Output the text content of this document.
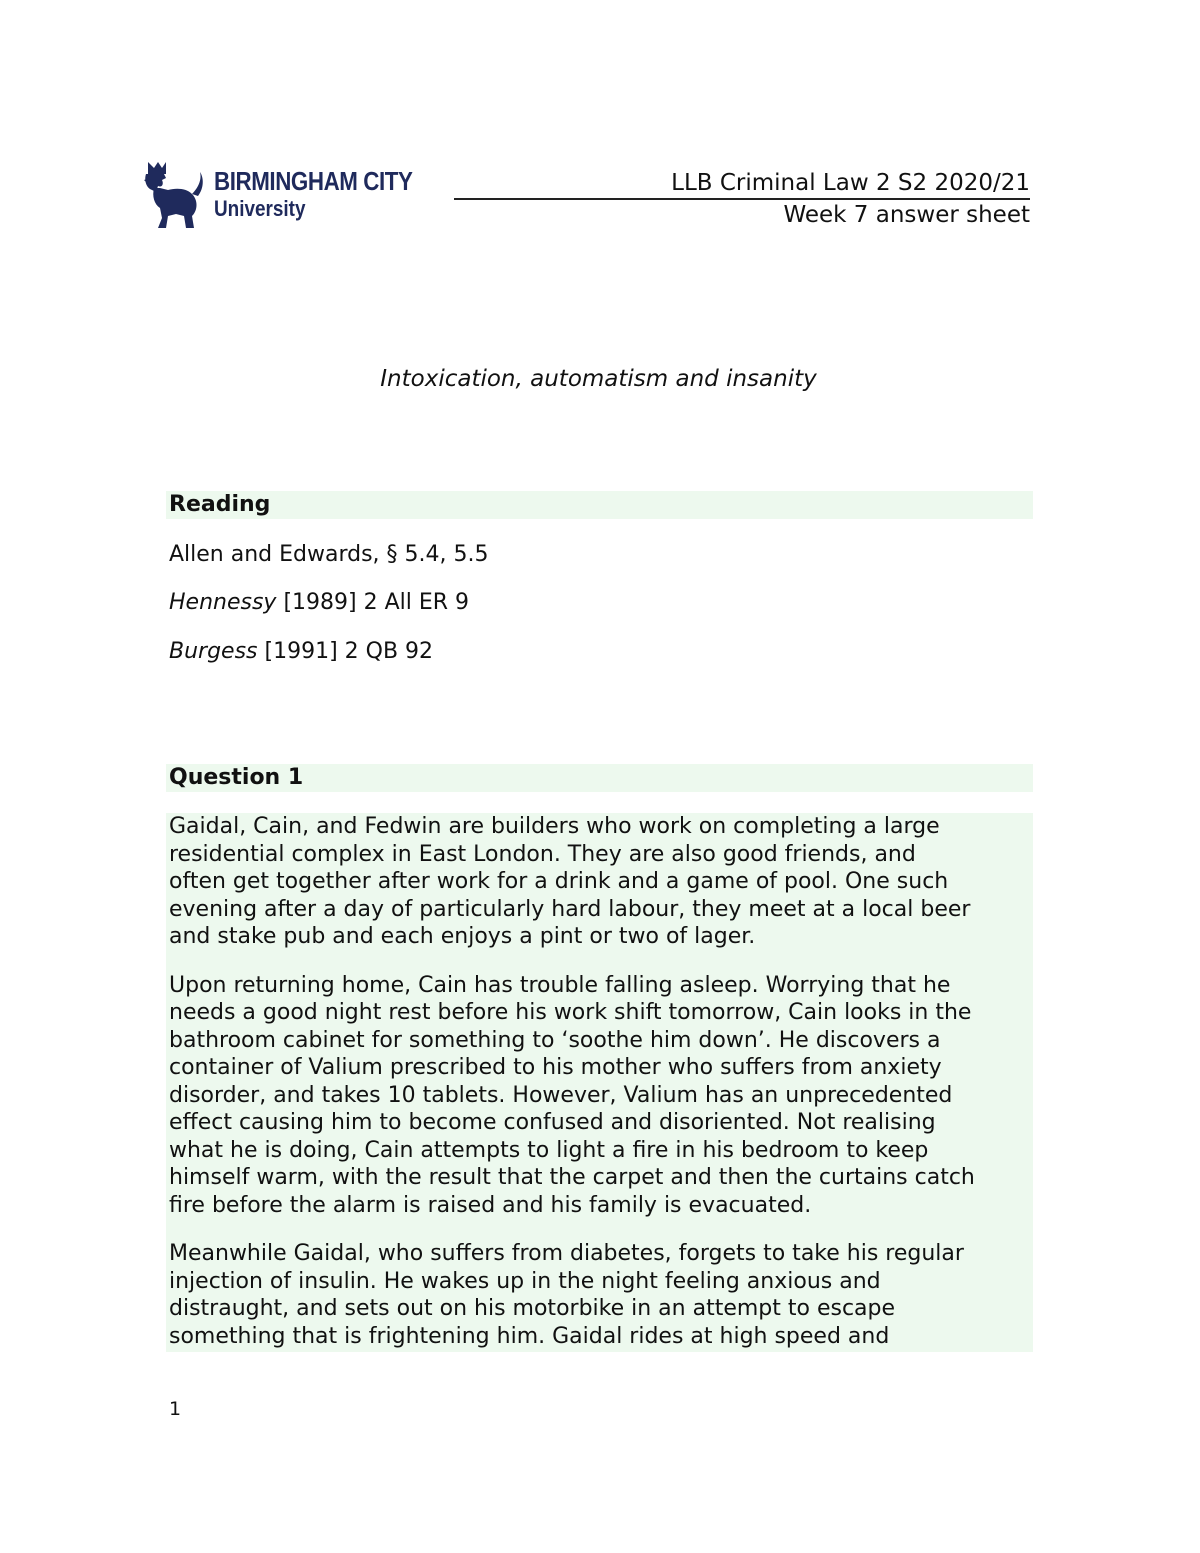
BIRMINGHAM CITY
University
LLB Criminal Law 2 S2 2020/21
Week 7 answer sheet
Intoxication, automatism and insanity
Reading
Allen and Edwards, § 5.4, 5.5
Hennessy [1989] 2 All ER 9
Burgess [1991] 2 QB 92
Question 1

Gaidal, Cain, and Fedwin are builders who work on completing a large
residential complex in East London. They are also good friends, and
often get together after work for a drink and a game of pool. One such
evening after a day of particularly hard labour, they meet at a local beer
and stake pub and each enjoys a pint or two of lager.

Upon returning home, Cain has trouble falling asleep. Worrying that he
needs a good night rest before his work shift tomorrow, Cain looks in the
bathroom cabinet for something to ‘soothe him down’. He discovers a
container of Valium prescribed to his mother who suffers from anxiety
disorder, and takes 10 tablets. However, Valium has an unprecedented
effect causing him to become confused and disoriented. Not realising
what he is doing, Cain attempts to light a fire in his bedroom to keep
himself warm, with the result that the carpet and then the curtains catch
fire before the alarm is raised and his family is evacuated.

Meanwhile Gaidal, who suffers from diabetes, forgets to take his regular
injection of insulin. He wakes up in the night feeling anxious and
distraught, and sets out on his motorbike in an attempt to escape
something that is frightening him. Gaidal rides at high speed and

1
